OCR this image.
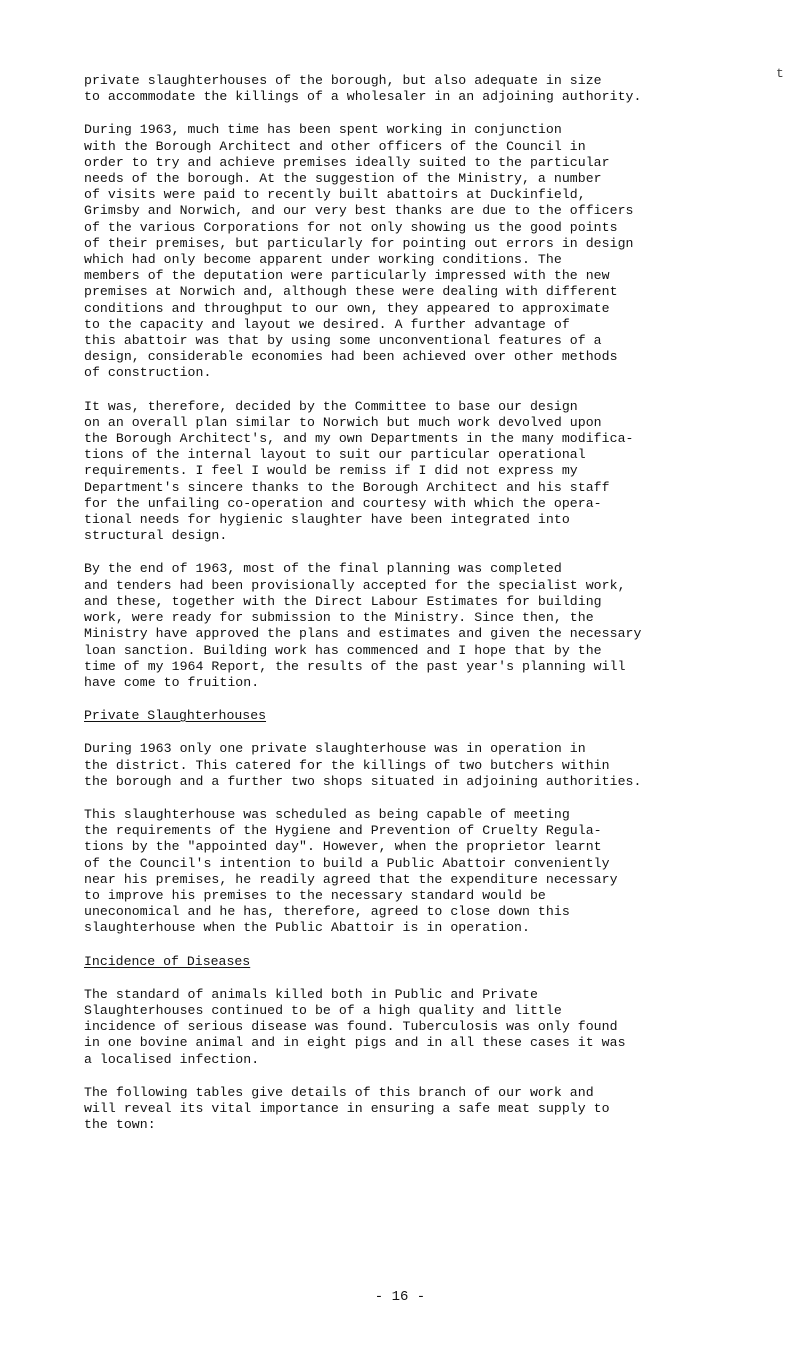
t

private slaughterhouses of the borough, but also adequate in size
to accommodate the killings of a wholesaler in an adjoining authority.

During 1963, much time has been spent working in conjunction
with the Borough Architect and other officers of the Council in
order to try and achieve premises ideally suited to the particular
needs of the borough. At the suggestion of the Ministry, a number
of visits were paid to recently built abattoirs at Duckinfield,
Grimsby and Norwich, and our very best thanks are due to the officers
of the various Corporations for not only showing us the good points
of their premises, but particularly for pointing out errors in design
which had only become apparent under working conditions. The
members of the deputation were particularly impressed with the new
premises at Norwich and, although these were dealing with different
conditions and throughput to our own, they appeared to approximate
to the capacity and layout we desired. A further advantage of
this abattoir was that by using some unconventional features of a
design, considerable economies had been achieved over other methods
of construction.

It was, therefore, decided by the Committee to base our design
on an overall plan similar to Norwich but much work devolved upon
the Borough Architect's, and my own Departments in the many modifica-
tions of the internal layout to suit our particular operational
requirements. I feel I would be remiss if I did not express my
Department's sincere thanks to the Borough Architect and his staff
for the unfailing co-operation and courtesy with which the opera-
tional needs for hygienic slaughter have been integrated into
structural design.

By the end of 1963, most of the final planning was completed
and tenders had been provisionally accepted for the specialist work,
and these, together with the Direct Labour Estimates for building
work, were ready for submission to the Ministry. Since then, the
Ministry have approved the plans and estimates and given the necessary
loan sanction. Building work has commenced and I hope that by the
time of my 1964 Report, the results of the past year's planning will
have come to fruition.

Private Slaughterhouses

During 1963 only one private slaughterhouse was in operation in
the district. This catered for the killings of two butchers within
the borough and a further two shops situated in adjoining authorities.

This slaughterhouse was scheduled as being capable of meeting
the requirements of the Hygiene and Prevention of Cruelty Regula-
tions by the "appointed day". However, when the proprietor learnt
of the Council's intention to build a Public Abattoir conveniently
near his premises, he readily agreed that the expenditure necessary
to improve his premises to the necessary standard would be
uneconomical and he has, therefore, agreed to close down this
slaughterhouse when the Public Abattoir is in operation.

Incidence of Diseases

The standard of animals killed both in Public and Private
Slaughterhouses continued to be of a high quality and little
incidence of serious disease was found. Tuberculosis was only found
in one bovine animal and in eight pigs and in all these cases it was
a localised infection.

The following tables give details of this branch of our work and
will reveal its vital importance in ensuring a safe meat supply to
the town:

- 16 -
